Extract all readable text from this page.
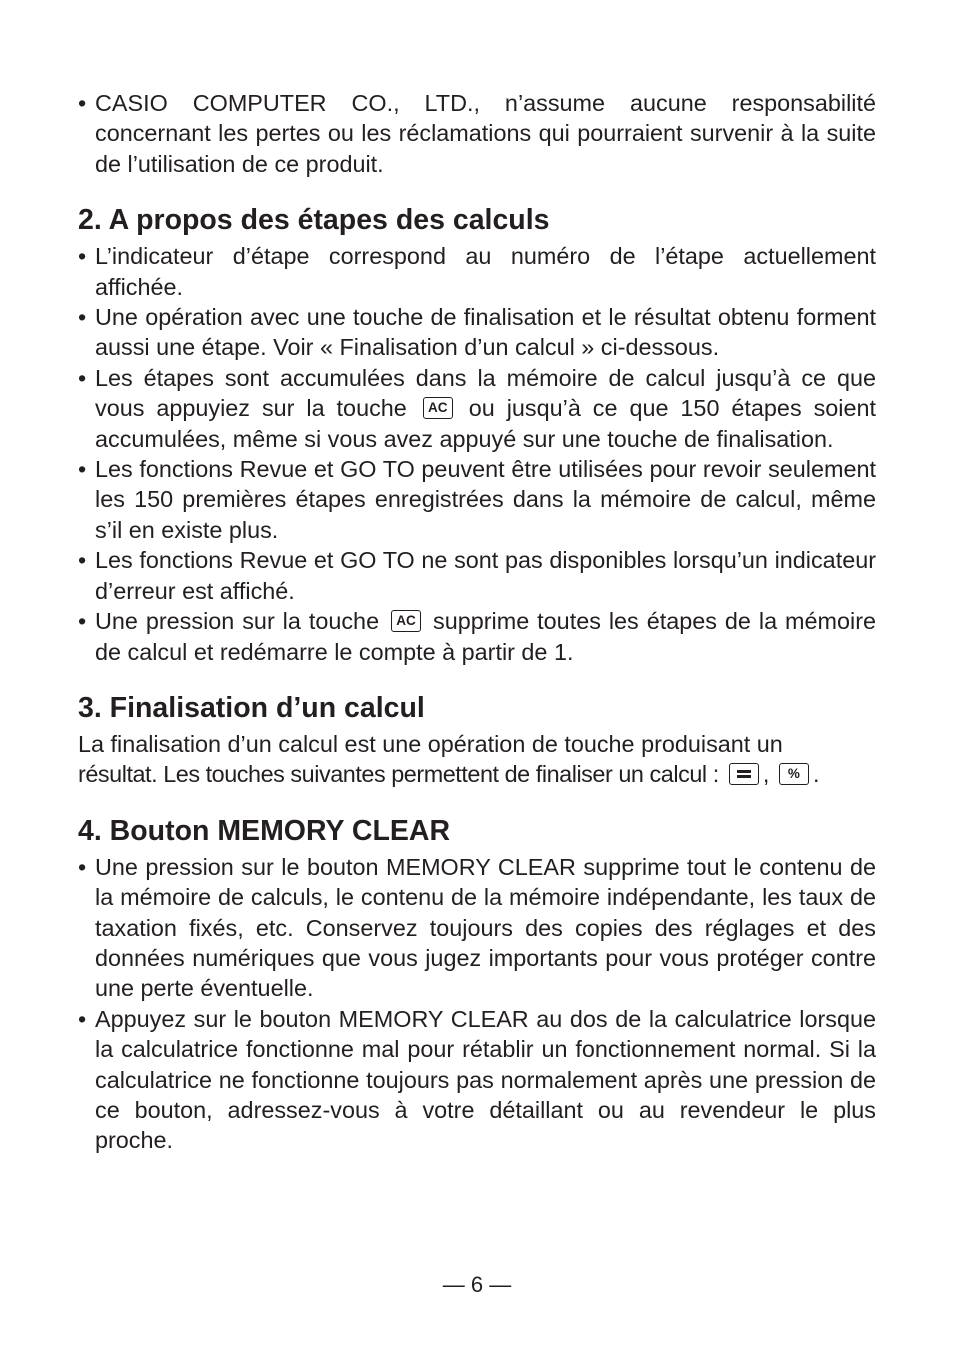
• CASIO COMPUTER CO., LTD., n’assume aucune responsabilité concernant les pertes ou les réclamations qui pourraient survenir à la suite de l’utilisation de ce produit.
2. A propos des étapes des calculs
• L’indicateur d’étape correspond au numéro de l’étape actuellement affichée.
• Une opération avec une touche de finalisation et le résultat obtenu forment aussi une étape. Voir « Finalisation d’un calcul » ci-dessous.
• Les étapes sont accumulées dans la mémoire de calcul jusqu’à ce que vous appuyiez sur la touche	AC ou jusqu’à ce que 150 étapes soient accumulées, même si vous avez appuyé sur une touche de finalisation.
• Les fonctions Revue et GO TO peuvent être utilisées pour revoir seulement les 150 premières étapes enregistrées dans la mémoire de calcul, même s’il en existe plus.
• Les fonctions Revue et GO TO ne sont pas disponibles lorsqu’un indicateur d’erreur est affiché.
• Une pression sur la touche	AC supprime toutes les étapes de la mémoire de calcul et redémarre le compte à partir de 1.
3. Finalisation d’un calcul

La finalisation d’un calcul est une opération de touche produisant un
résultat. Les touches suivantes permettent de finaliser un calcul : ,	% .

4. Bouton MEMORY CLEAR
• Une pression sur le bouton MEMORY CLEAR supprime tout le contenu de la mémoire de calculs, le contenu de la mémoire indépendante, les taux de taxation fixés, etc. Conservez toujours des copies des réglages et des données numériques que vous jugez importants pour vous protéger contre une perte éventuelle.
• Appuyez sur le bouton MEMORY CLEAR au dos de la calculatrice lorsque la calculatrice fonctionne mal pour rétablir un fonctionnement normal. Si la calculatrice ne fonctionne toujours pas normalement après une pression de ce bouton, adressez-vous à votre détaillant ou au revendeur le plus proche.
— 6 —
